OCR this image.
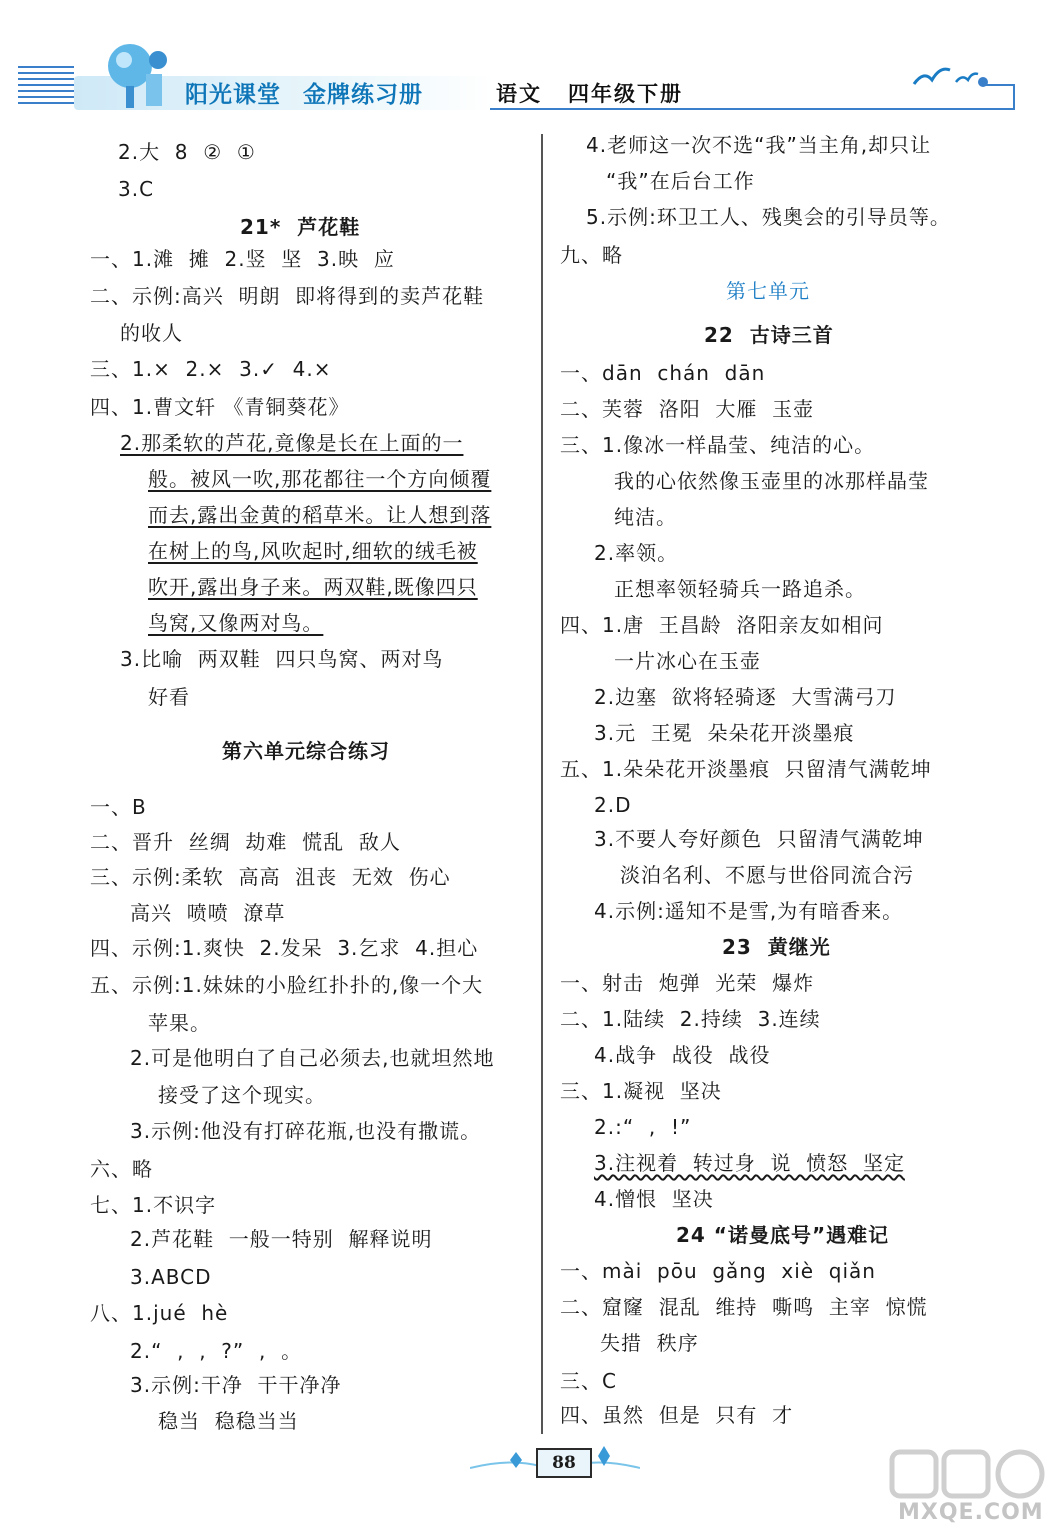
阳光课堂 金牌练习册	语文 四年级下册
2.大  8  ②  ①
3.C
21*  芦花鞋
一、1.滩  摊  2.竖  坚  3.映  应
二、示例:高兴  明朗  即将得到的卖芦花鞋
的收人
三、1.×  2.×  3.✓  4.×
四、1.曹文轩 《青铜葵花》
2.那柔软的芦花,竟像是长在上面的一
般。被风一吹,那花都往一个方向倾覆
而去,露出金黄的稻草米。让人想到落
在树上的鸟,风吹起时,细软的绒毛被
吹开,露出身子来。两双鞋,既像四只
鸟窝,又像两对鸟。
3.比喻  两双鞋  四只鸟窝、两对鸟
好看
第六单元综合练习
一、B
二、晋升  丝绸  劫难  慌乱  敌人
三、示例:柔软  高高  沮丧  无效  伤心
高兴  喷喷  潦草
四、示例:1.爽快  2.发呆  3.乞求  4.担心
五、示例:1.妹妹的小脸红扑扑的,像一个大
苹果。
2.可是他明白了自己必须去,也就坦然地
接受了这个现实。
3.示例:他没有打碎花瓶,也没有撒谎。
六、略
七、1.不识字
2.芦花鞋  一般一特别  解释说明
3.ABCD
八、1.jué  hè
2.“  ,  ,  ?”  ,  。
3.示例:干净  干干净净
稳当  稳稳当当
4.老师这一次不选“我”当主角,却只让
“我”在后台工作
5.示例:环卫工人、残奥会的引导员等。
九、略
第七单元
22  古诗三首
一、dān  chán  dān
二、芙蓉  洛阳  大雁  玉壶
三、1.像冰一样晶莹、纯洁的心。
我的心依然像玉壶里的冰那样晶莹
纯洁。
2.率领。
正想率领轻骑兵一路追杀。
四、1.唐  王昌龄  洛阳亲友如相问
一片冰心在玉壶
2.边塞  欲将轻骑逐  大雪满弓刀
3.元  王冕  朵朵花开淡墨痕
五、1.朵朵花开淡墨痕  只留清气满乾坤
2.D
3.不要人夸好颜色  只留清气满乾坤
淡泊名利、不愿与世俗同流合污
4.示例:遥知不是雪,为有暗香来。
23  黄继光
一、射击  炮弹  光荣  爆炸
二、1.陆续  2.持续  3.连续
4.战争  战役  战役
三、1.凝视  坚决
2.:“  ,  !”
3.注视着  转过身  说  愤怒  坚定
4.憎恨  坚决
24 “诺曼底号”遇难记
一、mài  pōu  gǎng  xiè  qiǎn
二、窟窿  混乱  维持  嘶鸣  主宰  惊慌
失措  秩序
三、C
四、虽然  但是  只有  才
88
MXQE.COM
